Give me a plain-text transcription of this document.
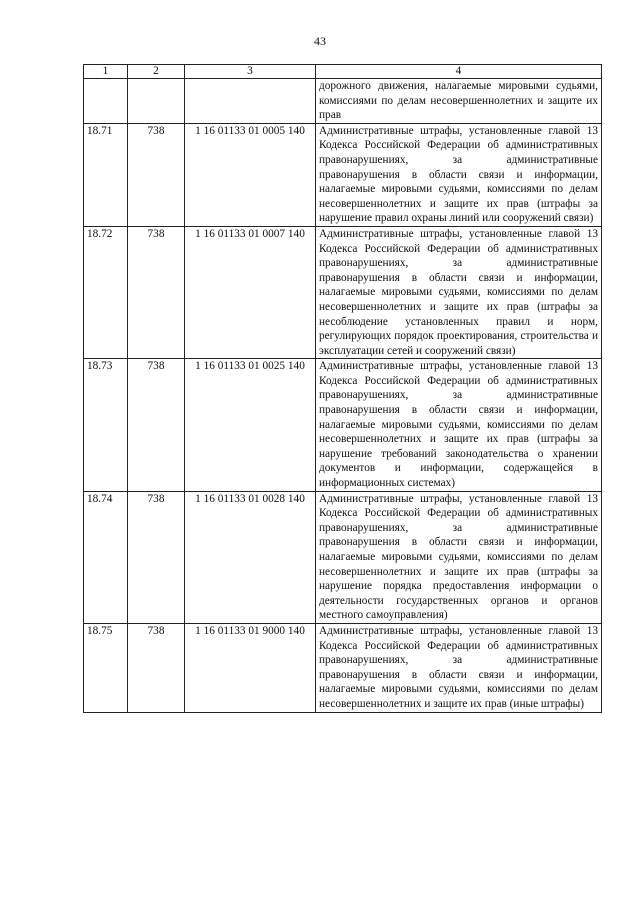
43
1	2	3	4
			дорожного движения, налагаемые мировыми судьями, комиссиями по делам несовершеннолетних и защите их прав
18.71	738	1 16 01133 01 0005 140	Административные штрафы, установленные главой 13 Кодекса Российской Федерации об административных правонарушениях, за административные правонарушения в области связи и информации, налагаемые мировыми судьями, комиссиями по делам несовершеннолетних и защите их прав (штрафы за нарушение правил охраны линий или сооружений связи)
18.72	738	1 16 01133 01 0007 140	Административные штрафы, установленные главой 13 Кодекса Российской Федерации об административных правонарушениях, за административные правонарушения в области связи и информации, налагаемые мировыми судьями, комиссиями по делам несовершеннолетних и защите их прав (штрафы за несоблюдение установленных правил и норм, регулирующих порядок проектирования, строительства и эксплуатации сетей и сооружений связи)
18.73	738	1 16 01133 01 0025 140	Административные штрафы, установленные главой 13 Кодекса Российской Федерации об административных правонарушениях, за административные правонарушения в области связи и информации, налагаемые мировыми судьями, комиссиями по делам несовершеннолетних и защите их прав (штрафы за нарушение требований законодательства о хранении документов и информации, содержащейся в информационных системах)
18.74	738	1 16 01133 01 0028 140	Административные штрафы, установленные главой 13 Кодекса Российской Федерации об административных правонарушениях, за административные правонарушения в области связи и информации, налагаемые мировыми судьями, комиссиями по делам несовершеннолетних и защите их прав (штрафы за нарушение порядка предоставления информации о деятельности государственных органов и органов местного самоуправления)
18.75	738	1 16 01133 01 9000 140	Административные штрафы, установленные главой 13 Кодекса Российской Федерации об административных правонарушениях, за административные правонарушения в области связи и информации, налагаемые мировыми судьями, комиссиями по делам несовершеннолетних и защите их прав (иные штрафы)
